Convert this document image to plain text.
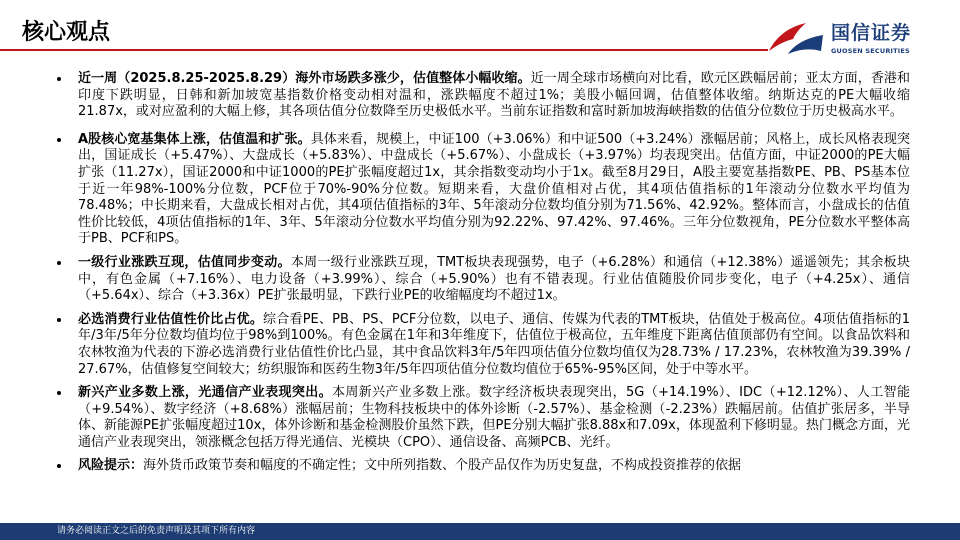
核心观点	国信证券
GUOSEN SECURITIES

近一周（2025.8.25-2025.8.29）海外市场跌多涨少，估值整体小幅收缩。近一周全球市场横向对比看，欧元区跌幅居前；亚太方面，香港和印度下跌明显，日韩和新加坡宽基指数价格变动相对温和，涨跌幅度不超过1%；美股小幅回调，估值整体收缩。纳斯达克的PE大幅收缩21.87x，或对应盈利的大幅上修，其各项估值分位数降至历史极低水平。当前东证指数和富时新加坡海峡指数的估值分位数位于历史极高水平。

A股核心宽基集体上涨，估值温和扩张。具体来看，规模上，中证100（+3.06%）和中证500（+3.24%）涨幅居前；风格上，成长风格表现突出，国证成长（+5.47%）、大盘成长（+5.83%）、中盘成长（+5.67%）、小盘成长（+3.97%）均表现突出。估值方面，中证2000的PE大幅扩张（11.27x），国证2000和中证1000的PE扩张幅度超过1x，其余指数变动均小于1x。截至8月29日，A股主要宽基指数PE、PB、PS基本位于近一年98%-100%分位数，PCF位于70%-90%分位数。短期来看，大盘价值相对占优，其4项估值指标的1年滚动分位数水平均值为78.48%；中长期来看，大盘成长相对占优，其4项估值指标的3年、5年滚动分位数均值分别为71.56%、42.92%。整体而言，小盘成长的估值性价比较低，4项估值指标的1年、3年、5年滚动分位数水平均值分别为92.22%、97.42%、97.46%。三年分位数视角，PE分位数水平整体高于PB、PCF和PS。

一级行业涨跌互现，估值同步变动。本周一级行业涨跌互现，TMT板块表现强势，电子（+6.28%）和通信（+12.38%）遥遥领先；其余板块中，有色金属（+7.16%）、电力设备（+3.99%）、综合（+5.90%）也有不错表现。行业估值随股价同步变化，电子（+4.25x）、通信（+5.64x）、综合（+3.36x）PE扩张最明显，下跌行业PE的收缩幅度均不超过1x。

必选消费行业估值性价比占优。综合看PE、PB、PS、PCF分位数，以电子、通信、传媒为代表的TMT板块，估值处于极高位。4项估值指标的1年/3年/5年分位数均值均位于98%到100%。有色金属在1年和3年维度下，估值位于极高位，五年维度下距离估值顶部仍有空间。以食品饮料和农林牧渔为代表的下游必选消费行业估值性价比凸显，其中食品饮料3年/5年四项估值分位数均值仅为28.73% / 17.23%，农林牧渔为39.39% / 27.67%，估值修复空间较大；纺织服饰和医药生物3年/5年四项估值分位数均值位于65%-95%区间，处于中等水平。

新兴产业多数上涨，光通信产业表现突出。本周新兴产业多数上涨。数字经济板块表现突出，5G（+14.19%）、IDC（+12.12%）、人工智能（+9.54%）、数字经济（+8.68%）涨幅居前；生物科技板块中的体外诊断（-2.57%）、基金检测（-2.23%）跌幅居前。估值扩张居多，半导体、新能源PE扩张幅度超过10x，体外诊断和基金检测股价虽然下跌，但PE分别大幅扩张8.88x和7.09x，体现盈利下修明显。热门概念方面，光通信产业表现突出，领涨概念包括万得光通信、光模块（CPO）、通信设备、高频PCB、光纤。

风险提示：海外货币政策节奏和幅度的不确定性；文中所列指数、个股产品仅作为历史复盘，不构成投资推荐的依据

请务必阅读正文之后的免责声明及其项下所有内容
